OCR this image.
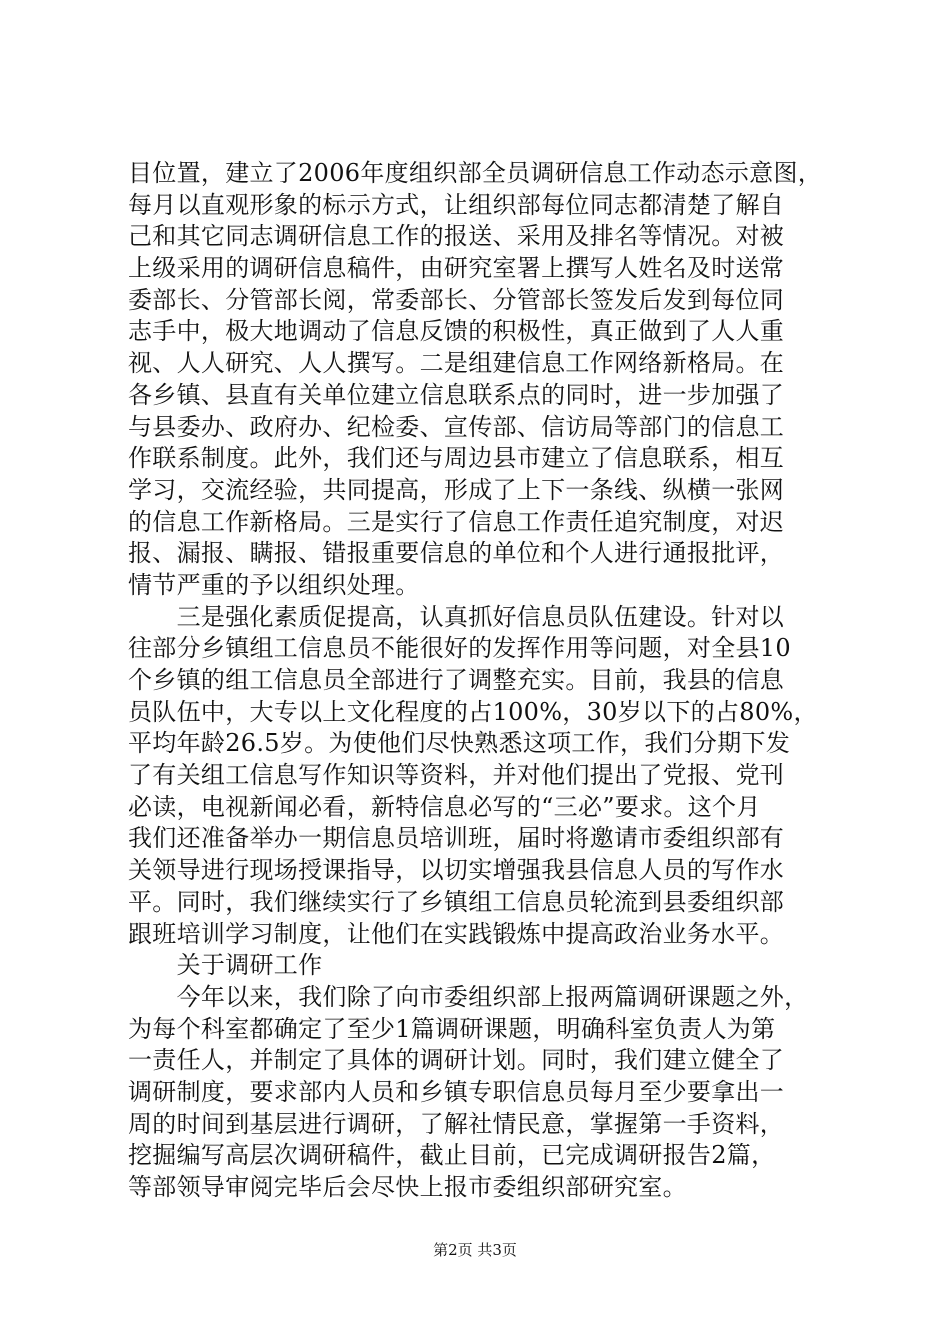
目位置，建立了2006年度组织部全员调研信息工作动态示意图，
每月以直观形象的标示方式，让组织部每位同志都清楚了解自
己和其它同志调研信息工作的报送、采用及排名等情况。对被
上级采用的调研信息稿件，由研究室署上撰写人姓名及时送常
委部长、分管部长阅，常委部长、分管部长签发后发到每位同
志手中，极大地调动了信息反馈的积极性，真正做到了人人重
视、人人研究、人人撰写。二是组建信息工作网络新格局。在
各乡镇、县直有关单位建立信息联系点的同时，进一步加强了
与县委办、政府办、纪检委、宣传部、信访局等部门的信息工
作联系制度。此外，我们还与周边县市建立了信息联系，相互
学习，交流经验，共同提高，形成了上下一条线、纵横一张网
的信息工作新格局。三是实行了信息工作责任追究制度，对迟
报、漏报、瞒报、错报重要信息的单位和个人进行通报批评，
情节严重的予以组织处理。
　　三是强化素质促提高，认真抓好信息员队伍建设。针对以
往部分乡镇组工信息员不能很好的发挥作用等问题，对全县10
个乡镇的组工信息员全部进行了调整充实。目前，我县的信息
员队伍中，大专以上文化程度的占100%，30岁以下的占80%，
平均年龄26.5岁。为使他们尽快熟悉这项工作，我们分期下发
了有关组工信息写作知识等资料，并对他们提出了党报、党刊
必读，电视新闻必看，新特信息必写的“三必”要求。这个月
我们还准备举办一期信息员培训班，届时将邀请市委组织部有
关领导进行现场授课指导，以切实增强我县信息人员的写作水
平。同时，我们继续实行了乡镇组工信息员轮流到县委组织部
跟班培训学习制度，让他们在实践锻炼中提高政治业务水平。
　　关于调研工作
　　今年以来，我们除了向市委组织部上报两篇调研课题之外，
为每个科室都确定了至少1篇调研课题，明确科室负责人为第
一责任人，并制定了具体的调研计划。同时，我们建立健全了
调研制度，要求部内人员和乡镇专职信息员每月至少要拿出一
周的时间到基层进行调研，了解社情民意，掌握第一手资料，
挖掘编写高层次调研稿件，截止目前，已完成调研报告2篇，
等部领导审阅完毕后会尽快上报市委组织部研究室。
第2页 共3页
